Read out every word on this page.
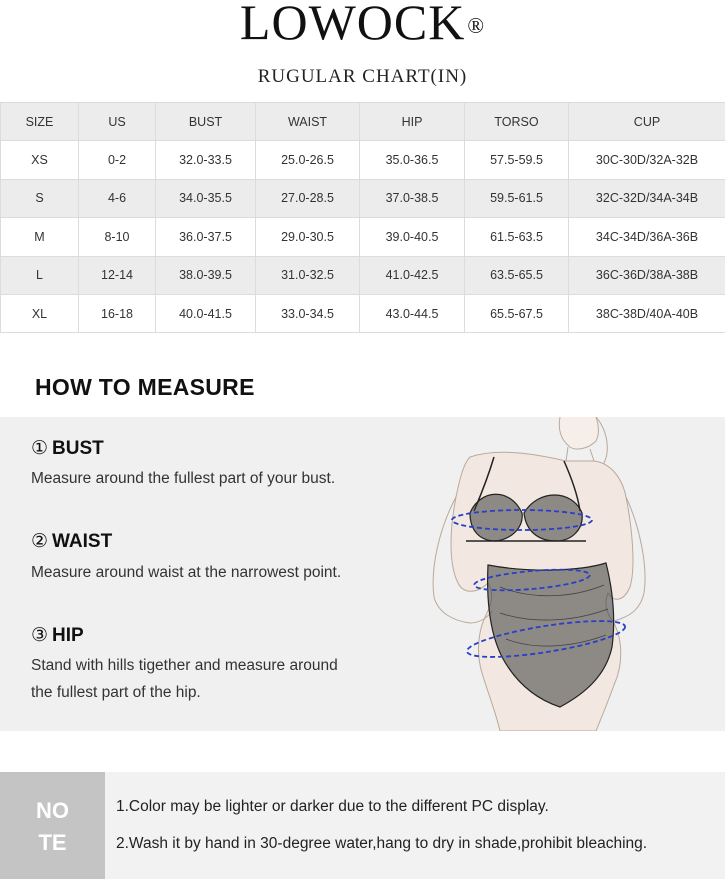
LOWOCK®
RUGULAR CHART(IN)
SIZE	US	BUST	WAIST	HIP	TORSO	CUP
XS	0-2	32.0-33.5	25.0-26.5	35.0-36.5	57.5-59.5	30C-30D/32A-32B
S	4-6	34.0-35.5	27.0-28.5	37.0-38.5	59.5-61.5	32C-32D/34A-34B
M	8-10	36.0-37.5	29.0-30.5	39.0-40.5	61.5-63.5	34C-34D/36A-36B
L	12-14	38.0-39.5	31.0-32.5	41.0-42.5	63.5-65.5	36C-36D/38A-38B
XL	16-18	40.0-41.5	33.0-34.5	43.0-44.5	65.5-67.5	38C-38D/40A-40B
HOW TO MEASURE
① BUST
Measure around the fullest part of your bust.
② WAIST
Measure around waist at the narrowest point.
③ HIP
Stand with hills tigether and measure around
the fullest part of the hip.
NO
TE
1.Color may be lighter or darker due to the different PC display.
2.Wash it by hand in 30-degree water,hang to dry in shade,prohibit bleaching.
